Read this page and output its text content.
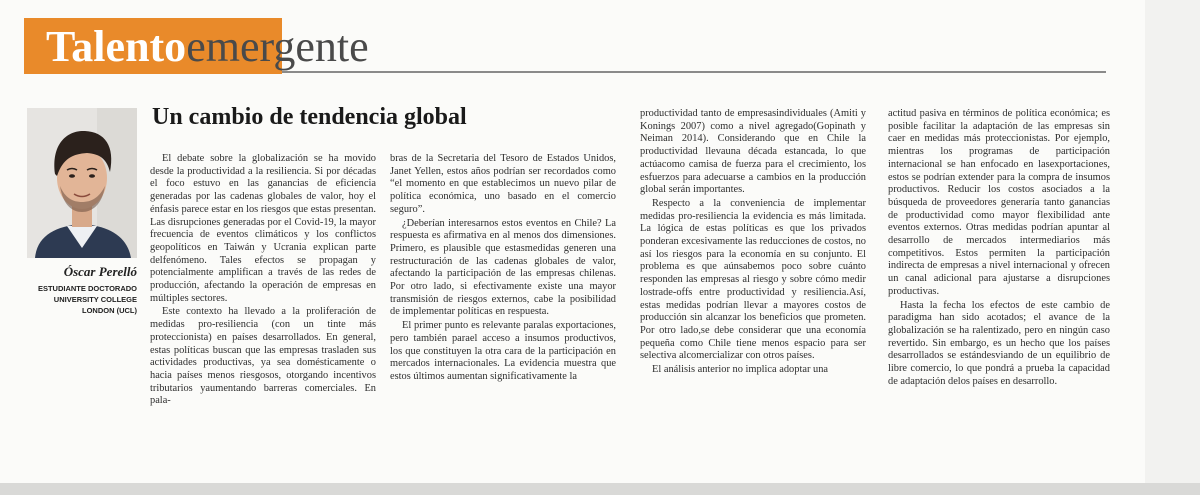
Talentoemergente
Óscar Perelló
ESTUDIANTE DOCTORADO
UNIVERSITY COLLEGE
LONDON (UCL)
Un cambio de tendencia global

El debate sobre la globalización se ha movido desde la productividad a la resiliencia. Si por décadas el foco estuvo en las ganancias de eficiencia generadas por las cadenas globales de valor, hoy el énfasis parece estar en los riesgos que estas presentan. Las disrupciones generadas por el Covid-19, la mayor frecuencia de eventos climáticos y los conflictos geopolíticos en Taiwán y Ucrania explican parte delfenómeno. Tales efectos se propagan y potencialmente amplifican a través de las redes de producción, afectando la operación de empresas en múltiples sectores.

Este contexto ha llevado a la proliferación de medidas pro-resiliencia (con un tinte más proteccionista) en países desarrollados. En general, estas políticas buscan que las empresas trasladen sus actividades productivas, ya sea domésticamente o hacia países menos riesgosos, otorgando incentivos tributarios yaumentando barreras comerciales. En pala-

bras de la Secretaria del Tesoro de Estados Unidos, Janet Yellen, estos años podrían ser recordados como “el momento en que establecimos un nuevo pilar de política económica, uno basado en el comercio seguro”.

¿Deberían interesarnos estos eventos en Chile? La respuesta es afirmativa en al menos dos dimensiones. Primero, es plausible que estasmedidas generen una restructuración de las cadenas globales de valor, afectando la participación de las empresas chilenas. Por otro lado, si efectivamente existe una mayor transmisión de riesgos externos, cabe la posibilidad de implementar políticas en respuesta.

El primer punto es relevante paralas exportaciones, pero también parael acceso a insumos productivos, los que constituyen la otra cara de la participación en mercados internacionales. La evidencia muestra que estos últimos aumentan significativamente la

productividad tanto de empresasindividuales (Amiti y Konings 2007) como a nivel agregado(Gopinath y Neiman 2014). Considerando que en Chile la productividad llevauna década estancada, lo que actúacomo camisa de fuerza para el crecimiento, los esfuerzos para adecuarse a cambios en la producción global serán importantes.

Respecto a la conveniencia de implementar medidas pro-resiliencia la evidencia es más limitada. La lógica de estas políticas es que los privados ponderan excesivamente las reducciones de costos, no así los riesgos para la economía en su conjunto. El problema es que aúnsabemos poco sobre cuánto responden las empresas al riesgo y sobre cómo medir lostrade-offs entre productividad y resiliencia.Así, estas medidas podrían llevar a mayores costos de producción sin alcanzar los beneficios que prometen. Por otro lado,se debe considerar que una economía pequeña como Chile tiene menos espacio para ser selectiva alcomercializar con otros países.

El análisis anterior no implica adoptar una

actitud pasiva en términos de política económica; es posible facilitar la adaptación de las empresas sin caer en medidas más proteccionistas. Por ejemplo, mientras los programas de participación internacional se han enfocado en lasexportaciones, estos se podrían extender para la compra de insumos productivos. Reducir los costos asociados a la búsqueda de proveedores generaría tanto ganancias de productividad como mayor flexibilidad ante eventos externos. Otras medidas podrían apuntar al desarrollo de mercados intermediarios más competitivos. Estos permiten la participación indirecta de empresas a nivel internacional y ofrecen un canal adicional para ajustarse a disrupciones productivas.

Hasta la fecha los efectos de este cambio de paradigma han sido acotados; el avance de la globalización se ha ralentizado, pero en ningún caso revertido. Sin embargo, es un hecho que los países desarrollados se estándesviando de un equilibrio de libre comercio, lo que pondrá a prueba la capacidad de adaptación delos países en desarrollo.
